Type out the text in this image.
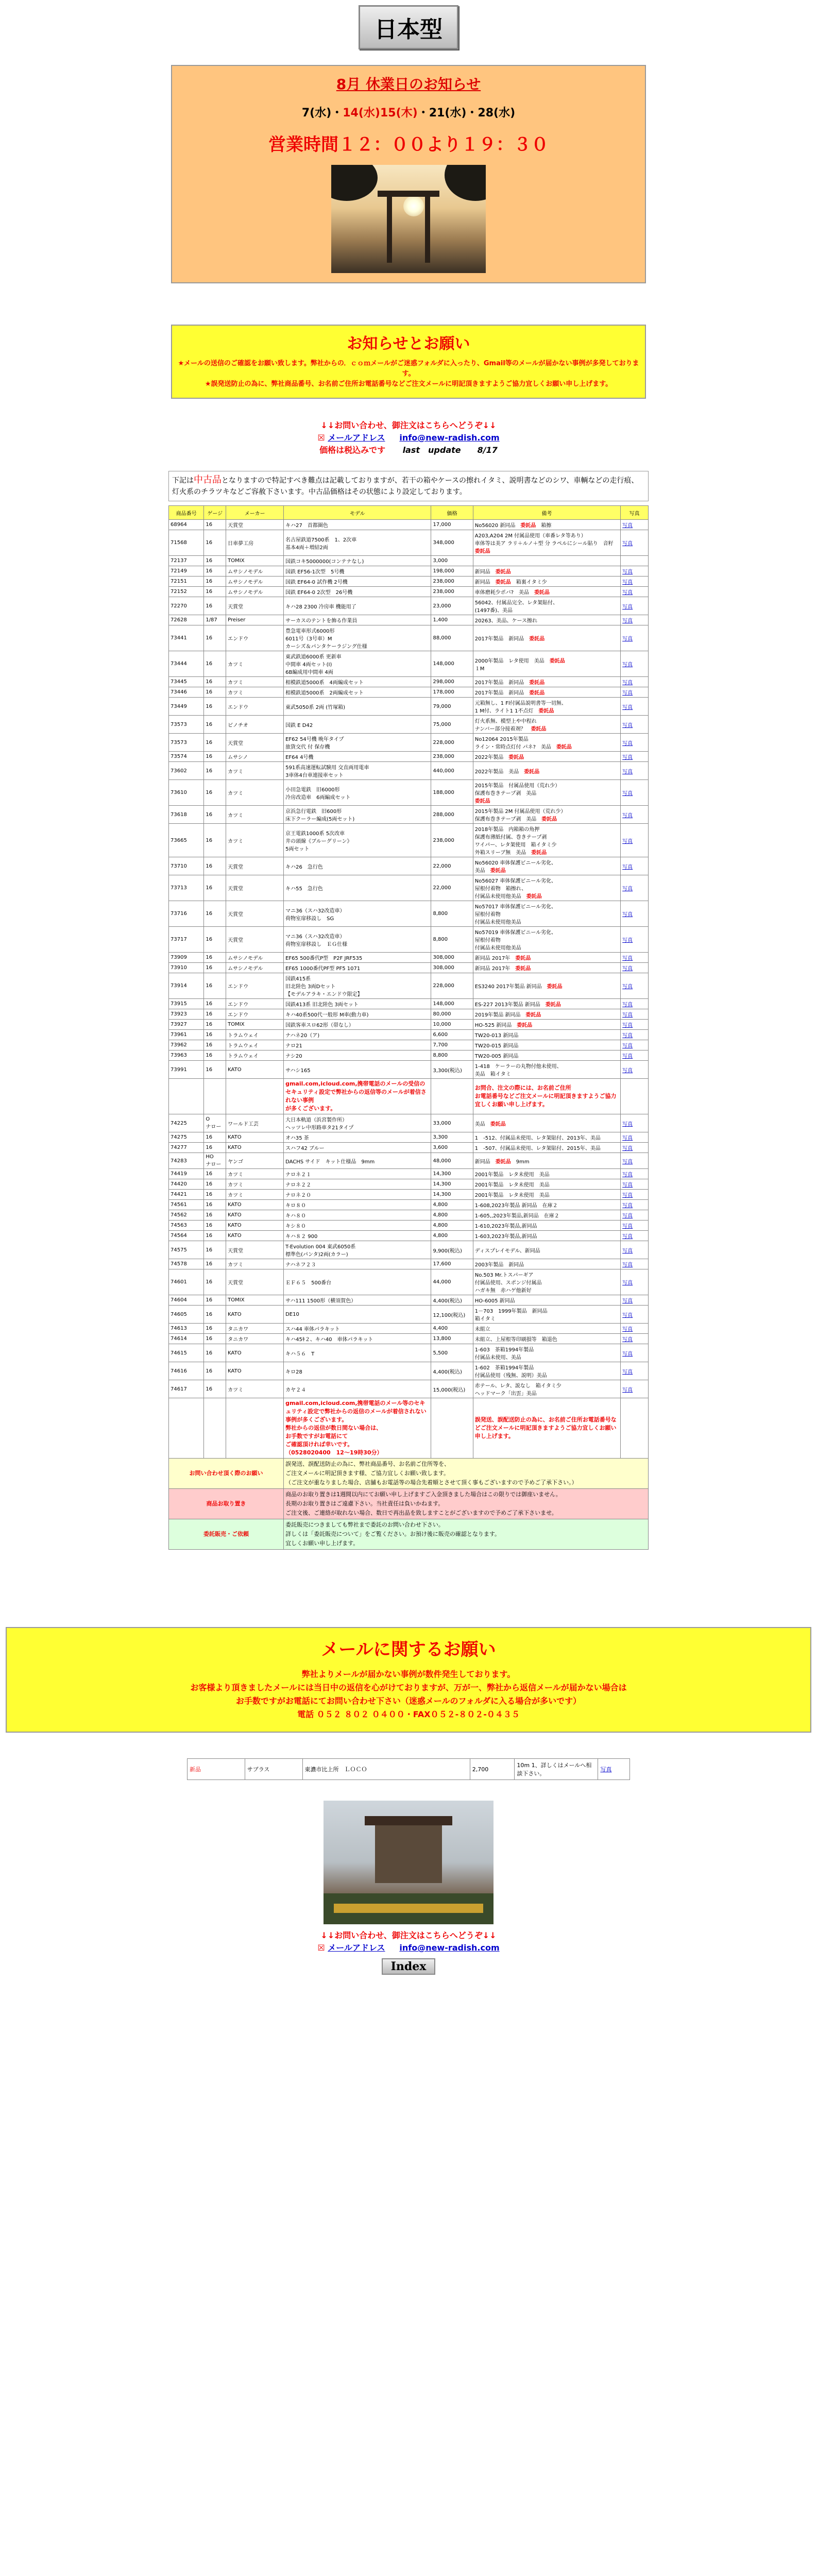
日本型
8月 休業日のお知らせ
7(水)・14(水)15(木)・21(水)・28(水)
営業時間１２：００より１９：３０
お知らせとお願い
★メールの送信のご確認をお願い致します。弊社からの．ｃｏｍメールがご迷惑フォルダに入ったり、Gmail等のメールが届かない事例が多発しております。
★誤発送防止の為に、弊社商品番号、お名前ご住所お電話番号などご注文メールに明記頂きますようご協力宜しくお願い申し上げます。
↓↓お問い合わせ、御注文はこちらへどうぞ↓↓
☒ メールアドレス info@new-radish.com
価格は税込みです last　update　　8/17
下記は中古品となりますので特記すべき難点は記載しておりますが、若干の箱やケースの擦れイタミ、説明書などのシワ、車輌などの走行痕、灯火系のチラツキなどご容赦下さいます。中古品価格はその状態により設定しております。
商品番号	ゲージ	メーカー	モデル	価格	備考	写真
68964	16	天賞堂	キハ27　首都圏色	17,000	No56020 新同品　委託品　箱擦	写真
71568	16	日車夢工房	名古屋鉄道7500系　1、2次車
基本4両＋増結2両	348,000	A203,A204 2M 付属品使用（車番レタ等あり）
車体等は美ア ラリ＋ルノ＋型 分 ラペルにシール貼り　音籽　委託品	写真
72137	16	TOMIX	国鉄コキ5000000(コンテナなし)	3,000		
72149	16	ムサシノモデル	国鉄 EF56-1次型　5号機	198,000	新同品　委託品	写真
72151	16	ムサシノモデル	国鉄 EF64-0 試作機 2号機	238,000	新同品　委託品　箱裏イタミ少	写真
72152	16	ムサシノモデル	国鉄 EF64-0 2次型　26号機	238,000	車体磨耗少ポバ?　美品　委託品	写真
72270	16	天賞堂	キハ28 2300 冷房車 機能用了	23,000	56042、付属品完全、レタ架貼付、
(1497番)、美品	写真
72628	1/87	Preiser	サーカスのテントを飾る作業員	1,400	20263、美品、ケース擦れ	写真
73441	16	エンドウ	豊急電車形式6000形
6011号（3号車）M
カーシズ＆パンタケーラジング仕様	88,000	2017年製品　新同品　委託品	写真
73444	16	カツミ	東武鉄道6000系 更新車
中間車 4両セット(I)
6B編成用中間車 4両	148,000	2000年製品　レタ使用　美品　委託品
１M	写真
73445	16	カツミ	相模鉄道5000系　4両編成セット	298,000	2017年製品　新同品　委託品	写真
73446	16	カツミ	相模鉄道5000系　2両編成セット	178,000	2017年製品　新同品　委託品	写真
73449	16	エンドウ	東武5050系 2両 (竹塚箱)	79,000	元箱無し、1 Fl付属品説明書等一切無、
1 M付、ライト1 1不点灯　委託品	写真
73573	16	ビノチオ	国鉄 E D42	75,000	灯火系無、模型上や中程れ
ナンバー部分接着剤？　委託品	写真
73573	16	天賞堂	EF62 54号機 晩年タイプ
旅貨交代 付 保存機	228,000	No12064 2015年製品
ライン・常時点灯付 パネ?　美品　委託品	写真
73574	16	ムサシノ	EF64 4号機	238,000	2022年製品　委託品	写真
73602	16	カツミ	591系高速運転試験用 交直両用電車
3車体4台車連接車セット	440,000	2022年製品　美品　委託品	写真
73610	16	カツミ	小田急電鉄　旧6000形
冷房改造車　6両編成セット	188,000	2015年製品　付属品使用（荒れ少）
保護布巻きテープ剥　美品
委託品	写真
73618	16	カツミ	京浜急行電鉄　旧600形
床下クーラー編成(5両セット)	288,000	2015年製品 2M 付属品使用（荒れ少）
保護布巻きテープ剥　美品　委託品	写真
73665	16	カツミ	京王電鉄1000系 5次改車
井の頭線《ブルーグリーン》
5両セット	238,000	2018年製品　内箱箱の角押
保護布薄紙付属、巻きテープ剥
ワイパー、レタ架使用　箱イタミ少
外箱スリーブ無　美品　委託品	写真
73710	16	天賞堂	キハ26　急行色	22,000	No56020 車体保護ビニール劣化、
美品　委託品	写真
73713	16	天賞堂	キハ55　急行色	22,000	No56027 車体保護ビニール劣化、
屋根付着物　箱擦れ、
付属品未使用他美品　委託品	写真
73716	16	天賞堂	マニ36（スハ32改造車）
荷物室扉移設し　SG	8,800	No57017 車体保護ビニール劣化、
屋根付着物
付属品未使用他美品	写真
73717	16	天賞堂	マニ36（スハ32改造車）
荷物室扉移設し　ＥＧ仕様	8,800	No57019 車体保護ビニール劣化、
屋根付着物
付属品未使用他美品	写真
73909	16	ムサシノモデル	EF65 500番代P型　P2F JRF535	308,000	新同品 2017年　委託品	写真
73910	16	ムサシノモデル	EF65 1000番代PF型 PF5 1071	308,000	新同品 2017年　委託品	写真
73914	16	エンドウ	国鉄415系
旧北陸色 3両Dセット
【モデルアラキ・エンドウ限定】	228,000	ES3240 2017年製品 新同品　委託品	写真
73915	16	エンドウ	国鉄413系 旧北陸色 3両セット	148,000	ES-227 2013年製品 新同品　委託品	写真
73923	16	エンドウ	キハ40系500代一般形 M車(動力車)	80,000	2019年製品 新同品　委託品	写真
73927	16	TOMIX	国鉄客車スロ62形（帯なし）	10,000	HO-525 新同品　委託品	写真
73961	16	トラムウェイ	ナハネ20（ア)	6,600	TW20-013 新同品	写真
73962	16	トラムウェイ	ナロ21	7,700	TW20-015 新同品	写真
73963	16	トラムウェイ	ナシ20	8,800	TW20-005 新同品	写真
73991	16	KATO	サハシ165	3,300(税込)	1-418　ケーラーの丸物付他未使用、
美品　箱イタミ	写真
			gmail.com,icloud.com,携帯電話のメールの受信のセキュリティ設定で弊社からの返信等のメールが着信されない事例
が多くございます。		お問合、注文の際には、お名前ご住所
お電話番号などご注文メールに明記頂きますようご協力宜しくお願い申し上げます。	
74225	O
ナロー	ワールド工芸	大日本軌道（浜宮製作所）
ヘッツレ中形路車タ21タイプ	33,000	美品　委託品	写真
74275	16	KATO	オハ35 茶	3,300	1　-512、付属品未使用、レタ架貼付、2013年、美品	写真
74277	16	KATO	スハフ42 ブルー	3,600	1　-507、付属品未使用、レタ架貼付、2015年、美品	写真
74283	HO
ナロー	ヤンゴ	DACHS サイド　キット仕様品　9mm	48,000	新同品　委託品　9mm	写真
74419	16	カツミ	ナロネ２１	14,300	2001年製品　レタ未使用　美品	写真
74420	16	カツミ	ナロネ２２	14,300	2001年製品　レタ未使用　美品	写真
74421	16	カツミ	ナロネ２０	14,300	2001年製品　レタ未使用　美品	写真
74561	16	KATO	キロ８０	4,800	1-608,2023年製品 新同品　在庫２	写真
74562	16	KATO	キハ８０	4,800	1-605,,2023年製品,新同品　在庫２	写真
74563	16	KATO	キシ８０	4,800	1-610,2023年製品,新同品	写真
74564	16	KATO	キハ８２ 900	4,800	1-603,2023年製品,新同品	写真
74575	16	天賞堂	T-Evolution 004 東武6050系
標準色(パンタ)2両(カラー)	9,900(税込)	ディスプレイモデル、新同品	写真
74578	16	カツミ	ナハネフ２３	17,600	2003年製品　新同品	写真
74601	16	天賞堂	ＥＦ６５　500番台	44,000	No.503 Mr.トスパーギア
付属品使用、スポンジ付属品
ハガキ無　赤ハゲ他新好	写真
74604	16	TOMIX	サハ111 1500形（横須賀色）	4,400(税込)	HO-6005 新同品	写真
74605	16	KATO	DE10	12,100(税込)	1－703　1999年製品　新同品
箱イタミ	写真
74613	16	タニカワ	スハ44 車体パラキット	4,400	未組立	写真
74614	16	タニカワ	キハ45ｷ２、キハ40　車体パラキット	13,800	未組立、上屋根等印刷損等　箱退色	写真
74615	16	KATO	キハ５６　T	5,500	1-603　茶箱1994年製品
付属品未使用、美品	写真
74616	16	KATO	キロ28	4,400(税込)	1-602　茶箱1994年製品
付属品使用（残無、説明）美品	写真
74617	16	カツミ	カヤ２４	15,000(税込)	赤テール、レタ、説なし　箱イタミ少
ヘッドマーク「出雲」美品	写真
			gmail.com,icloud.com,携帯電話のメール等のセキュリティ設定で弊社からの返信のメールが着信されない事例が多くございます。
弊社からの返信が数日間ない場合は、
お手数ですがお電話にて
ご確認頂ければ幸いです。
（0528020400　12～19時30分）		誤発送、誤配送防止の為に、お名前ご住所お電話番号などご注文メールに明記頂きますようご協力宜しくお願い申し上げます。	
お問い合わせ頂く際のお願い			誤発送、誤配送防止の為に、弊社商品番号、お名前ご住所等を、
ご注文メールに明記頂きます様、ご協力宜しくお願い致します。
（ご注文が重なりました場合、店舗もお電話等の場合先着順とさせて頂く事もございますので予めご了承下さい。）			
商品お取り置き			商品のお取り置きは1週間以内にてお願い申し上げますご入金頂きました場合はこの限りでは御座いません。
長期のお取り置きはご遠慮下さい。当社責任は負いかねます。
ご注文後、ご連絡が取れない場合、数日で再出品を致しますことがございますので予めご了承下さいませ。			
委託販売・ご依頼			委託販売につきましても弊社まで委託のお問い合わせ下さい。
詳しくは「委託販売について」をご覧ください。お預け後に販売の確認となります。
宜しくお願い申し上げます。			
メールに関するお願い
弊社よりメールが届かない事例が数件発生しております。
お客様より頂きましたメールには当日中の返信を心がけておりますが、万が一、弊社から返信メールが届かない場合は
お手数ですがお電話にてお問い合わせ下さい（迷惑メールのフォルダに入る場合が多いです）
電話 ０５２ ８０２ ０４００・FAX０５２-８０２-０４３５
新品	サブラス	東濃市比上所　ＬＯＣＯ	2,700	10m 1、詳しくはメールへ相談下さい。	写真
↓↓お問い合わせ、御注文はこちらへどうぞ↓↓
☒ メールアドレス info@new-radish.com
Index
